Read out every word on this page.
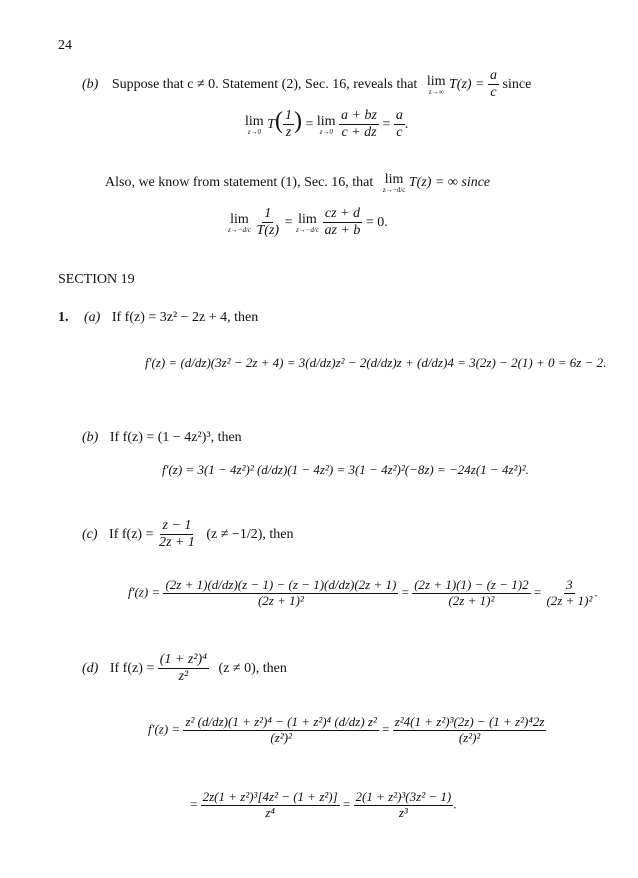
24
(b) Suppose that c ≠ 0. Statement (2), Sec. 16, reveals that lim
z→∞ $T(z) = \frac{a}{c}$ since
lim
z→0 $T( \frac{1}{z}$ ) = lim
z→0
$\frac{a + bz}{c + dz} = \frac{a}{c}$ .
Also, we know from statement (1), Sec. 16, that lim
z→−d/c T(z) = ∞ since
lim
z→−d/c
$\frac{1}{T(z)} = \lim$
z→−d/c
$\frac{cz + d}{az + b} = 0$.
SECTION 19
1. (a) If f(z) = 3z² − 2z + 4, then
f′(z) = (d/dz)(3z² − 2z + 4) = 3(d/dz)z² − 2(d/dz)z + (d/dz)4 = 3(2z) − 2(1) + 0 = 6z − 2.
(b) If f(z) = (1 − 4z²)³, then
f′(z) = 3(1 − 4z²)² (d/dz)(1 − 4z²) = 3(1 − 4z²)²(−8z) = −24z(1 − 4z²)².
(c) If $f(z) = \frac{z - 1}{2z + 1} (z \ne -1/2)$, then
$f'(z) = \frac{(2z + 1)(d/dz)(z - 1) - (z - 1)(d/dz)(2z + 1)}{\text{(2z + 1)²}} = \frac{(2z + 1)(1) - (z - 1)2}{\text{(2z + 1)²}} = \frac{3}{\text{(2z + 1)²}}$ .
(d) If $f(z) = \frac{\text{(1 + z²)⁴}}{\text{z²}} (z \ne 0)$, then
$f'(z) = \frac{\text{z² (d/dz)(1 + z²)⁴ − (1 + z²)⁴ (d/dz) z²}}{\text{(z²)²}} = \frac{\text{z²4(1 + z²)³(2z) − (1 + z²)⁴2z}}{\text{(z²)²}}$
= $\frac{\text{2z(1 + z²)³[4z² − (1 + z²)]}}{\text{z⁴}} = \frac{\text{2(1 + z²)³(3z² − 1)}}{\text{z³}}$ .
